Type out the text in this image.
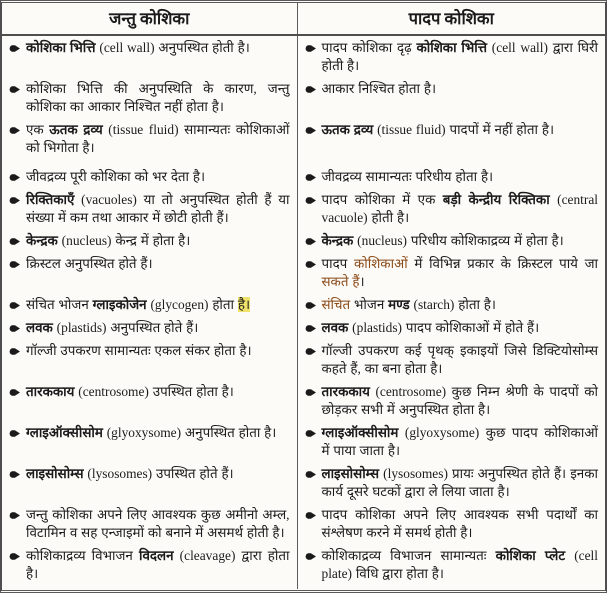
जन्तु कोशिका	पादप कोशिका

कोशिका भित्ति (cell wall) अनुपस्थित होती है।	पादप कोशिका दृढ़ कोशिका भित्ति (cell wall) द्वारा घिरी होती है।

कोशिका भित्ति की अनुपस्थिति के कारण, जन्तु कोशिका का आकार निश्चित नहीं होता है।	आकार निश्चित होता है।

एक ऊतक द्रव्य (tissue fluid) सामान्यतः कोशिकाओं को भिगोता है।	ऊतक द्रव्य (tissue fluid) पादपों में नहीं होता है।

जीवद्रव्य पूरी कोशिका को भर देता है।	जीवद्रव्य सामान्यतः परिधीय होता है।

रिक्तिकाएँ (vacuoles) या तो अनुपस्थित होती हैं या संख्या में कम तथा आकार में छोटी होती हैं।	पादप कोशिका में एक बड़ी केन्द्रीय रिक्तिका (central vacuole) होती है।

केन्द्रक (nucleus) केन्द्र में होता है।	केन्द्रक (nucleus) परिधीय कोशिकाद्रव्य में होता है।

क्रिस्टल अनुपस्थित होते हैं।	पादप कोशिकाओं में विभिन्न प्रकार के क्रिस्टल पाये जा सकते हैं।

संचित भोजन ग्लाइकोजेन (glycogen) होता है।	संचित भोजन मण्ड (starch) होता है।

लवक (plastids) अनुपस्थित होते हैं।	लवक (plastids) पादप कोशिकाओं में होते हैं।

गॉल्जी उपकरण सामान्यतः एकल संकर होता है।	गॉल्जी उपकरण कई पृथक् इकाइयों जिसे डिक्टियोसोम्स कहते हैं, का बना होता है।

तारककाय (centrosome) उपस्थित होता है।	तारककाय (centrosome) कुछ निम्न श्रेणी के पादपों को छोड़कर सभी में अनुपस्थित होता है।

ग्लाइऑक्सीसोम (glyoxysome) अनुपस्थित होता है।	ग्लाइऑक्सीसोम (glyoxysome) कुछ पादप कोशिकाओं में पाया जाता है।

लाइसोसोम्स (lysosomes) उपस्थित होते हैं।	लाइसोसोम्स (lysosomes) प्रायः अनुपस्थित होते हैं। इनका कार्य दूसरे घटकों द्वारा ले लिया जाता है।

जन्तु कोशिका अपने लिए आवश्यक कुछ अमीनो अम्ल, विटामिन व सह एन्जाइमों को बनाने में असमर्थ होती है।	पादप कोशिका अपने लिए आवश्यक सभी पदार्थों का संश्लेषण करने में समर्थ होती है।

कोशिकाद्रव्य विभाजन विदलन (cleavage) द्वारा होता है।	कोशिकाद्रव्य विभाजन सामान्यतः कोशिका प्लेट (cell plate) विधि द्वारा होता है।
